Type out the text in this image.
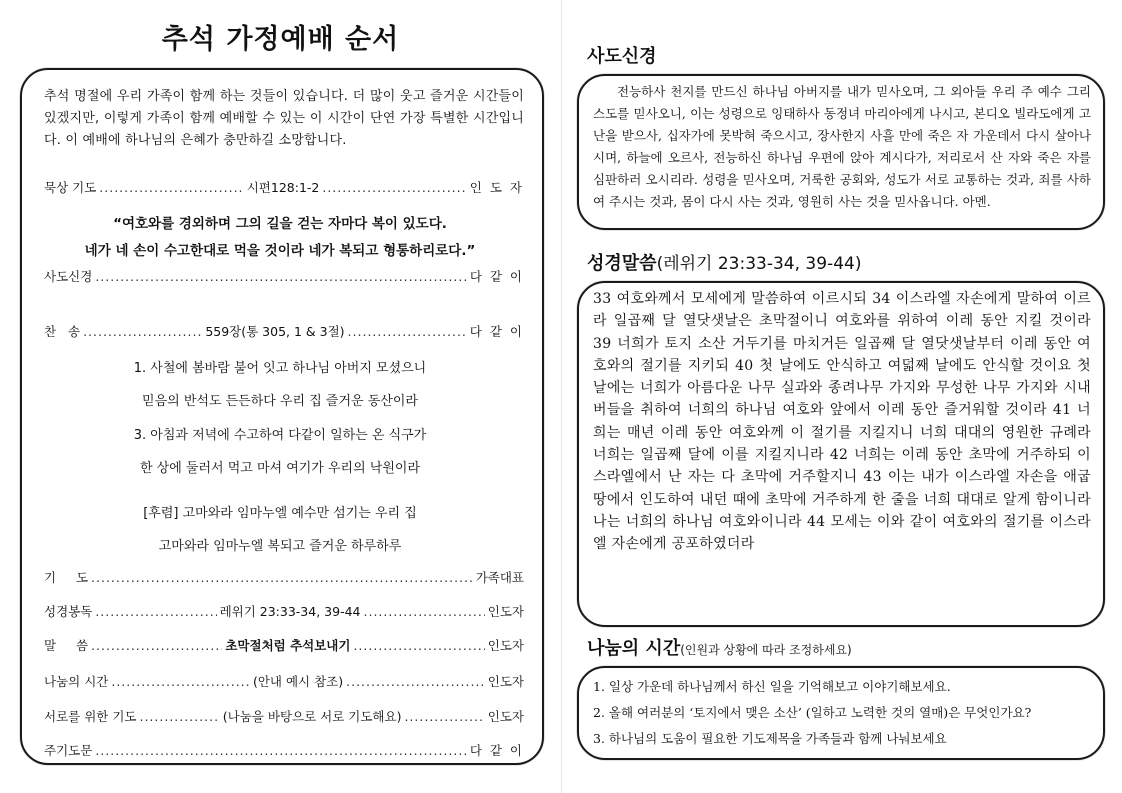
추석 가정예배 순서
추석 명절에 우리 가족이 함께 하는 것들이 있습니다. 더 많이 웃고 즐거운 시간들이 있겠지만, 이렇게 가족이 함께 예배할 수 있는 이 시간이 단연 가장 특별한 시간입니다. 이 예배에 하나님의 은혜가 충만하길 소망합니다.
묵상 기도 .....	시편128:1-2 .....	인 도 자
“여호와를 경외하며 그의 길을 걷는 자마다 복이 있도다.
네가 네 손이 수고한대로 먹을 것이라 네가 복되고 형통하리로다.”
사도신경 .....	다 같 이
찬   송 .....	559장(통 305, 1 & 3절) .....	다 같 이
1. 사철에 봄바람 불어 잇고 하나님 아버지 모셨으니
믿음의 반석도 든든하다 우리 집 즐거운 동산이라
3. 아침과 저녁에 수고하여 다같이 일하는 온 식구가
한 상에 둘러서 먹고 마셔 여기가 우리의 낙원이라
[후렴] 고마와라 임마누엘 예수만 섬기는 우리 집
고마와라 임마누엘 복되고 즐거운 하루하루
기     도 .....	가족대표
성경봉독 .....	레위기 23:33-34, 39-44 .....	인도자
말     씀 .....	초막절처럼 추석보내기 .....	인도자
나눔의 시간 .....	(안내 예시 참조) .....	인도자
서로를 위한 기도 .....	(나눔을 바탕으로 서로 기도해요) .....	인도자
주기도문 .....	다 같 이
사도신경
전능하사 천지를 만드신 하나님 아버지를 내가 믿사오며, 그 외아들 우리 주 예수 그리스도를 믿사오니, 이는 성령으로 잉태하사 동정녀 마리아에게 나시고, 본디오 빌라도에게 고난을 받으사, 십자가에 못박혀 죽으시고, 장사한지 사흘 만에 죽은 자 가운데서 다시 살아나시며, 하늘에 오르사, 전능하신 하나님 우편에 앉아 계시다가, 저리로서 산 자와 죽은 자를 심판하러 오시리라. 성령을 믿사오며, 거룩한 공회와, 성도가 서로 교통하는 것과, 죄를 사하여 주시는 것과, 몸이 다시 사는 것과, 영원히 사는 것을 믿사옵니다. 아멘.
성경말씀(레위기 23:33-34, 39-44)
33 여호와께서 모세에게 말씀하여 이르시되 34 이스라엘 자손에게 말하여 이르라 일곱째 달 열닷샛날은 초막절이니 여호와를 위하여 이레 동안 지킬 것이라 39 너희가 토지 소산 거두기를 마치거든 일곱째 달 열닷샛날부터 이레 동안 여호와의 절기를 지키되 40 첫 날에도 안식하고 여덟째 날에도 안식할 것이요 첫 날에는 너희가 아름다운 나무 실과와 종려나무 가지와 무성한 나무 가지와 시내 버들을 취하여 너희의 하나님 여호와 앞에서 이레 동안 즐거워할 것이라 41 너희는 매년 이레 동안 여호와께 이 절기를 지킬지니 너희 대대의 영원한 규례라 너희는 일곱째 달에 이를 지킬지니라 42 너희는 이레 동안 초막에 거주하되 이스라엘에서 난 자는 다 초막에 거주할지니 43 이는 내가 이스라엘 자손을 애굽 땅에서 인도하여 내던 때에 초막에 거주하게 한 줄을 너희 대대로 알게 함이니라 나는 너희의 하나님 여호와이니라 44 모세는 이와 같이 여호와의 절기를 이스라엘 자손에게 공포하였더라
나눔의 시간(인원과 상황에 따라 조정하세요)
1. 일상 가운데 하나님께서 하신 일을 기억해보고 이야기해보세요.
2. 올해 여러분의 ‘토지에서 맺은 소산’ (일하고 노력한 것의 열매)은 무엇인가요?
3. 하나님의 도움이 필요한 기도제목을 가족들과 함께 나눠보세요
